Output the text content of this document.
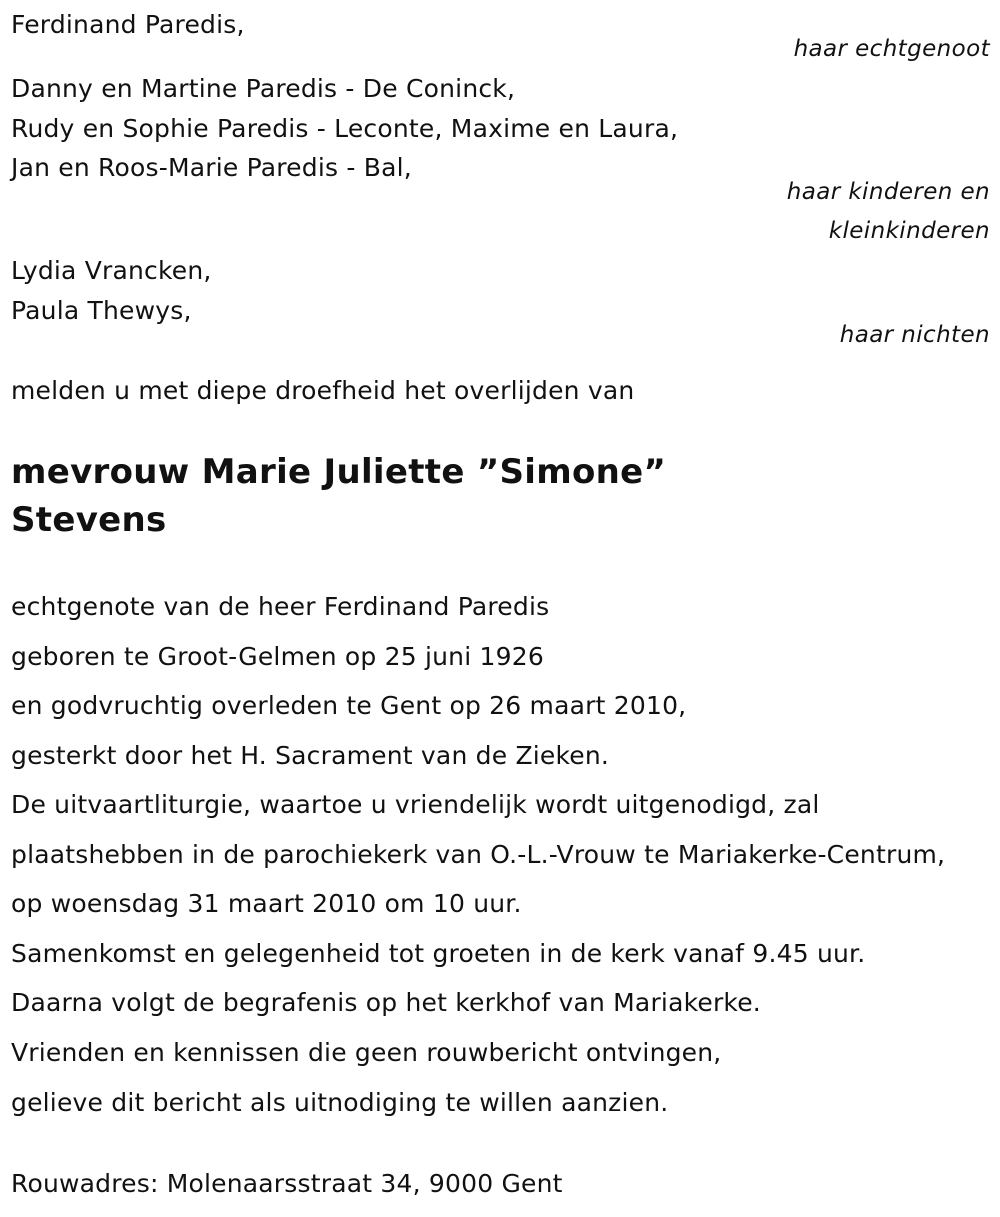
Ferdinand Paredis,
haar echtgenoot
Danny en Martine Paredis - De Coninck,
Rudy en Sophie Paredis - Leconte, Maxime en Laura,
Jan en Roos-Marie Paredis - Bal,
haar kinderen en
kleinkinderen
Lydia Vrancken,
Paula Thewys,
haar nichten
melden u met diepe droefheid het overlijden van
mevrouw Marie Juliette ”Simone”
Stevens
echtgenote van de heer Ferdinand Paredis
geboren te Groot-Gelmen op 25 juni 1926
en godvruchtig overleden te Gent op 26 maart 2010,
gesterkt door het H. Sacrament van de Zieken.
De uitvaartliturgie, waartoe u vriendelijk wordt uitgenodigd, zal
plaatshebben in de parochiekerk van O.-L.-Vrouw te Mariakerke-Centrum,
op woensdag 31 maart 2010 om 10 uur.
Samenkomst en gelegenheid tot groeten in de kerk vanaf 9.45 uur.
Daarna volgt de begrafenis op het kerkhof van Mariakerke.
Vrienden en kennissen die geen rouwbericht ontvingen,
gelieve dit bericht als uitnodiging te willen aanzien.
Rouwadres: Molenaarsstraat 34, 9000 Gent
